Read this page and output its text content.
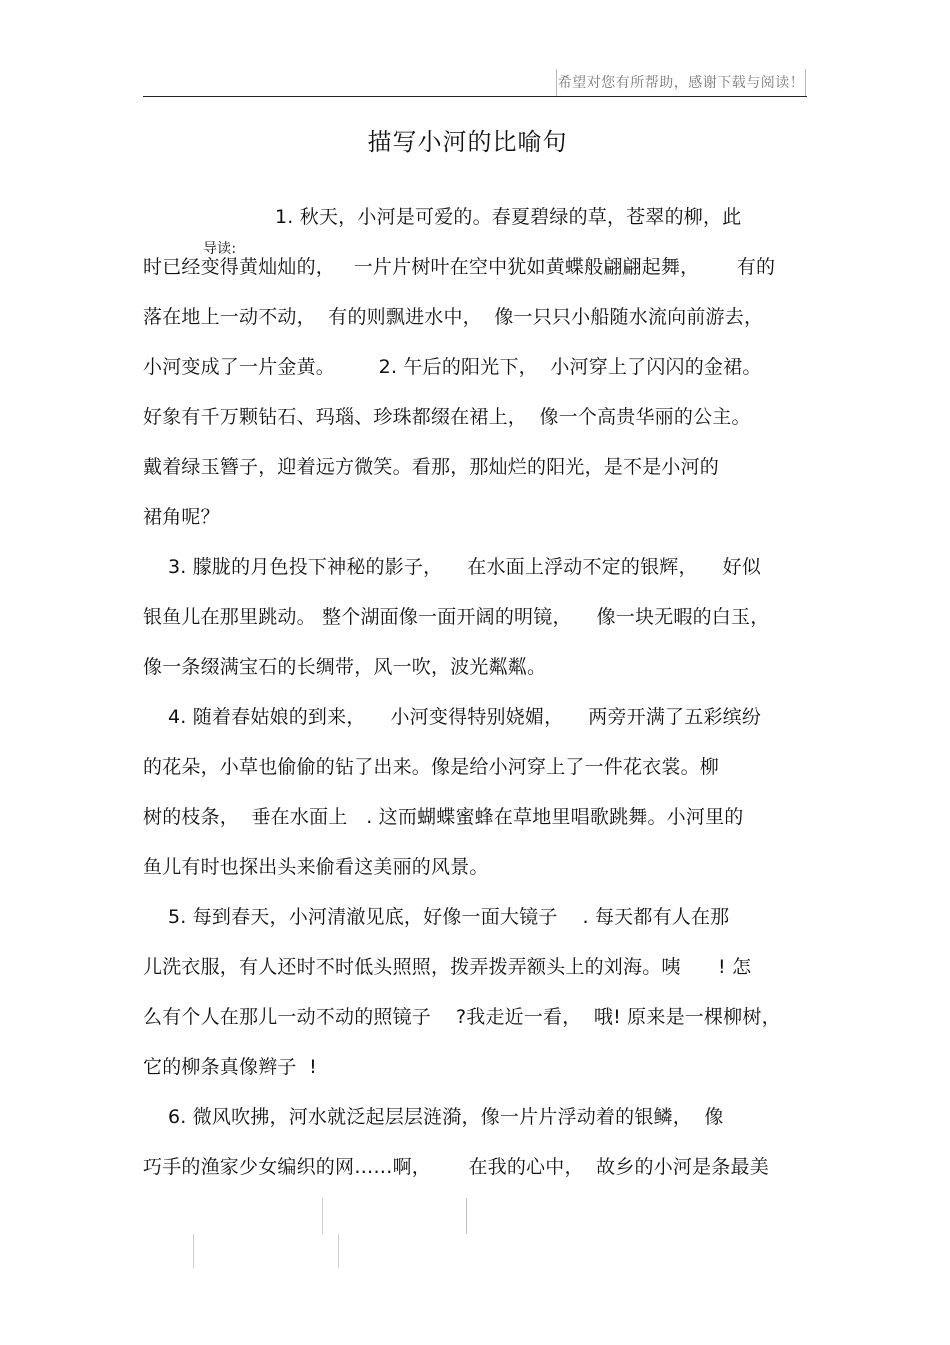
希望对您有所帮助，感谢下载与阅读！
描写小河的比喻句

导读:

1. 秋天，小河是可爱的。春夏碧绿的草，苍翠的柳，此
时已经变得黄灿灿的，   一片片树叶在空中犹如黄蝶般翩翩起舞，      有的
落在地上一动不动，  有的则飘进水中，  像一只只小船随水流向前游去，
小河变成了一片金黄。       2. 午后的阳光下，  小河穿上了闪闪的金裙。
好象有千万颗钻石、玛瑙、珍珠都缀在裙上，  像一个高贵华丽的公主。
戴着绿玉簪子，迎着远方微笑。看那，那灿烂的阳光，是不是小河的
裙角呢？
3. 朦胧的月色投下神秘的影子，    在水面上浮动不定的银辉，    好似
银鱼儿在那里跳动。 整个湖面像一面开阔的明镜，    像一块无暇的白玉，
像一条缀满宝石的长绸带，风一吹，波光粼粼。
4. 随着春姑娘的到来，    小河变得特别娆媚，    两旁开满了五彩缤纷
的花朵，小草也偷偷的钻了出来。像是给小河穿上了一件花衣裳。柳
树的枝条，  垂在水面上   . 这而蝴蝶蜜蜂在草地里唱歌跳舞。小河里的
鱼儿有时也探出头来偷看这美丽的风景。
5. 每到春天，小河清澈见底，好像一面大镜子    . 每天都有人在那
儿洗衣服，有人还时不时低头照照，拨弄拨弄额头上的刘海。咦      ! 怎
么有个人在那儿一动不动的照镜子    ?我走近一看，  哦! 原来是一棵柳树，
它的柳条真像辫子  !
6. 微风吹拂，河水就泛起层层涟漪，像一片片浮动着的银鳞，  像
巧手的渔家少女编织的网……啊，      在我的心中，  故乡的小河是条最美
